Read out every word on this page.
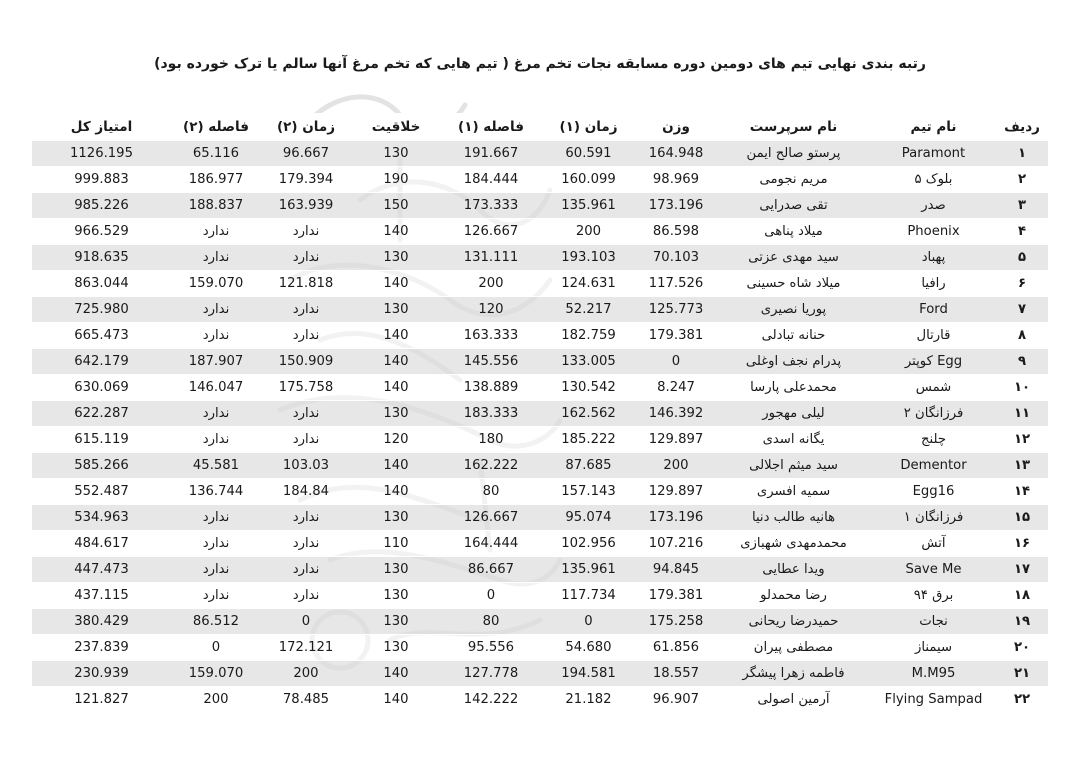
رتبه بندی نهایی تیم های دومین دوره مسابقه نجات تخم مرغ ( تیم هایی که تخم مرغ آنها سالم یا ترک خورده بود)
ردیف	نام تیم	نام سرپرست	وزن	زمان (۱)	فاصله (۱)	خلاقیت	زمان (۲)	فاصله (۲)	امتیاز کل
۱	Paramont	پرستو صالح ایمن	164.948	60.591	191.667	130	96.667	65.116	1126.195
۲	بلوک ۵	مریم نجومی	98.969	160.099	184.444	190	179.394	186.977	999.883
۳	صدر	تقی صدرایی	173.196	135.961	173.333	150	163.939	188.837	985.226
۴	Phoenix	میلاد پناهی	86.598	200	126.667	140	ندارد	ندارد	966.529
۵	پهباد	سید مهدی عزتی	70.103	193.103	131.111	130	ندارد	ندارد	918.635
۶	رافیا	میلاد شاه حسینی	117.526	124.631	200	140	121.818	159.070	863.044
۷	Ford	پوریا نصیری	125.773	52.217	120	130	ندارد	ندارد	725.980
۸	قارتال	حنانه تبادلی	179.381	182.759	163.333	140	ندارد	ندارد	665.473
۹	Egg کوپتر	پدرام نجف اوغلی	0	133.005	145.556	140	150.909	187.907	642.179
۱۰	شمس	محمدعلی پارسا	8.247	130.542	138.889	140	175.758	146.047	630.069
۱۱	فرزانگان ۲	لیلی مهجور	146.392	162.562	183.333	130	ندارد	ندارد	622.287
۱۲	چلنج	یگانه اسدی	129.897	185.222	180	120	ندارد	ندارد	615.119
۱۳	Dementor	سید میثم اجلالی	200	87.685	162.222	140	103.03	45.581	585.266
۱۴	Egg16	سمیه افسری	129.897	157.143	80	140	184.84	136.744	552.487
۱۵	فرزانگان ۱	هانیه طالب دنیا	173.196	95.074	126.667	130	ندارد	ندارد	534.963
۱۶	آتش	محمدمهدی شهبازی	107.216	102.956	164.444	110	ندارد	ندارد	484.617
۱۷	Save Me	ویدا عطایی	94.845	135.961	86.667	130	ندارد	ندارد	447.473
۱۸	برق ۹۴	رضا محمدلو	179.381	117.734	0	130	ندارد	ندارد	437.115
۱۹	نجات	حمیدرضا ریحانی	175.258	0	80	130	0	86.512	380.429
۲۰	سیمناز	مصطفی پیران	61.856	54.680	95.556	130	172.121	0	237.839
۲۱	M.M95	فاطمه زهرا پیشگر	18.557	194.581	127.778	140	200	159.070	230.939
۲۲	Flying Sampad	آرمین اصولی	96.907	21.182	142.222	140	78.485	200	121.827
